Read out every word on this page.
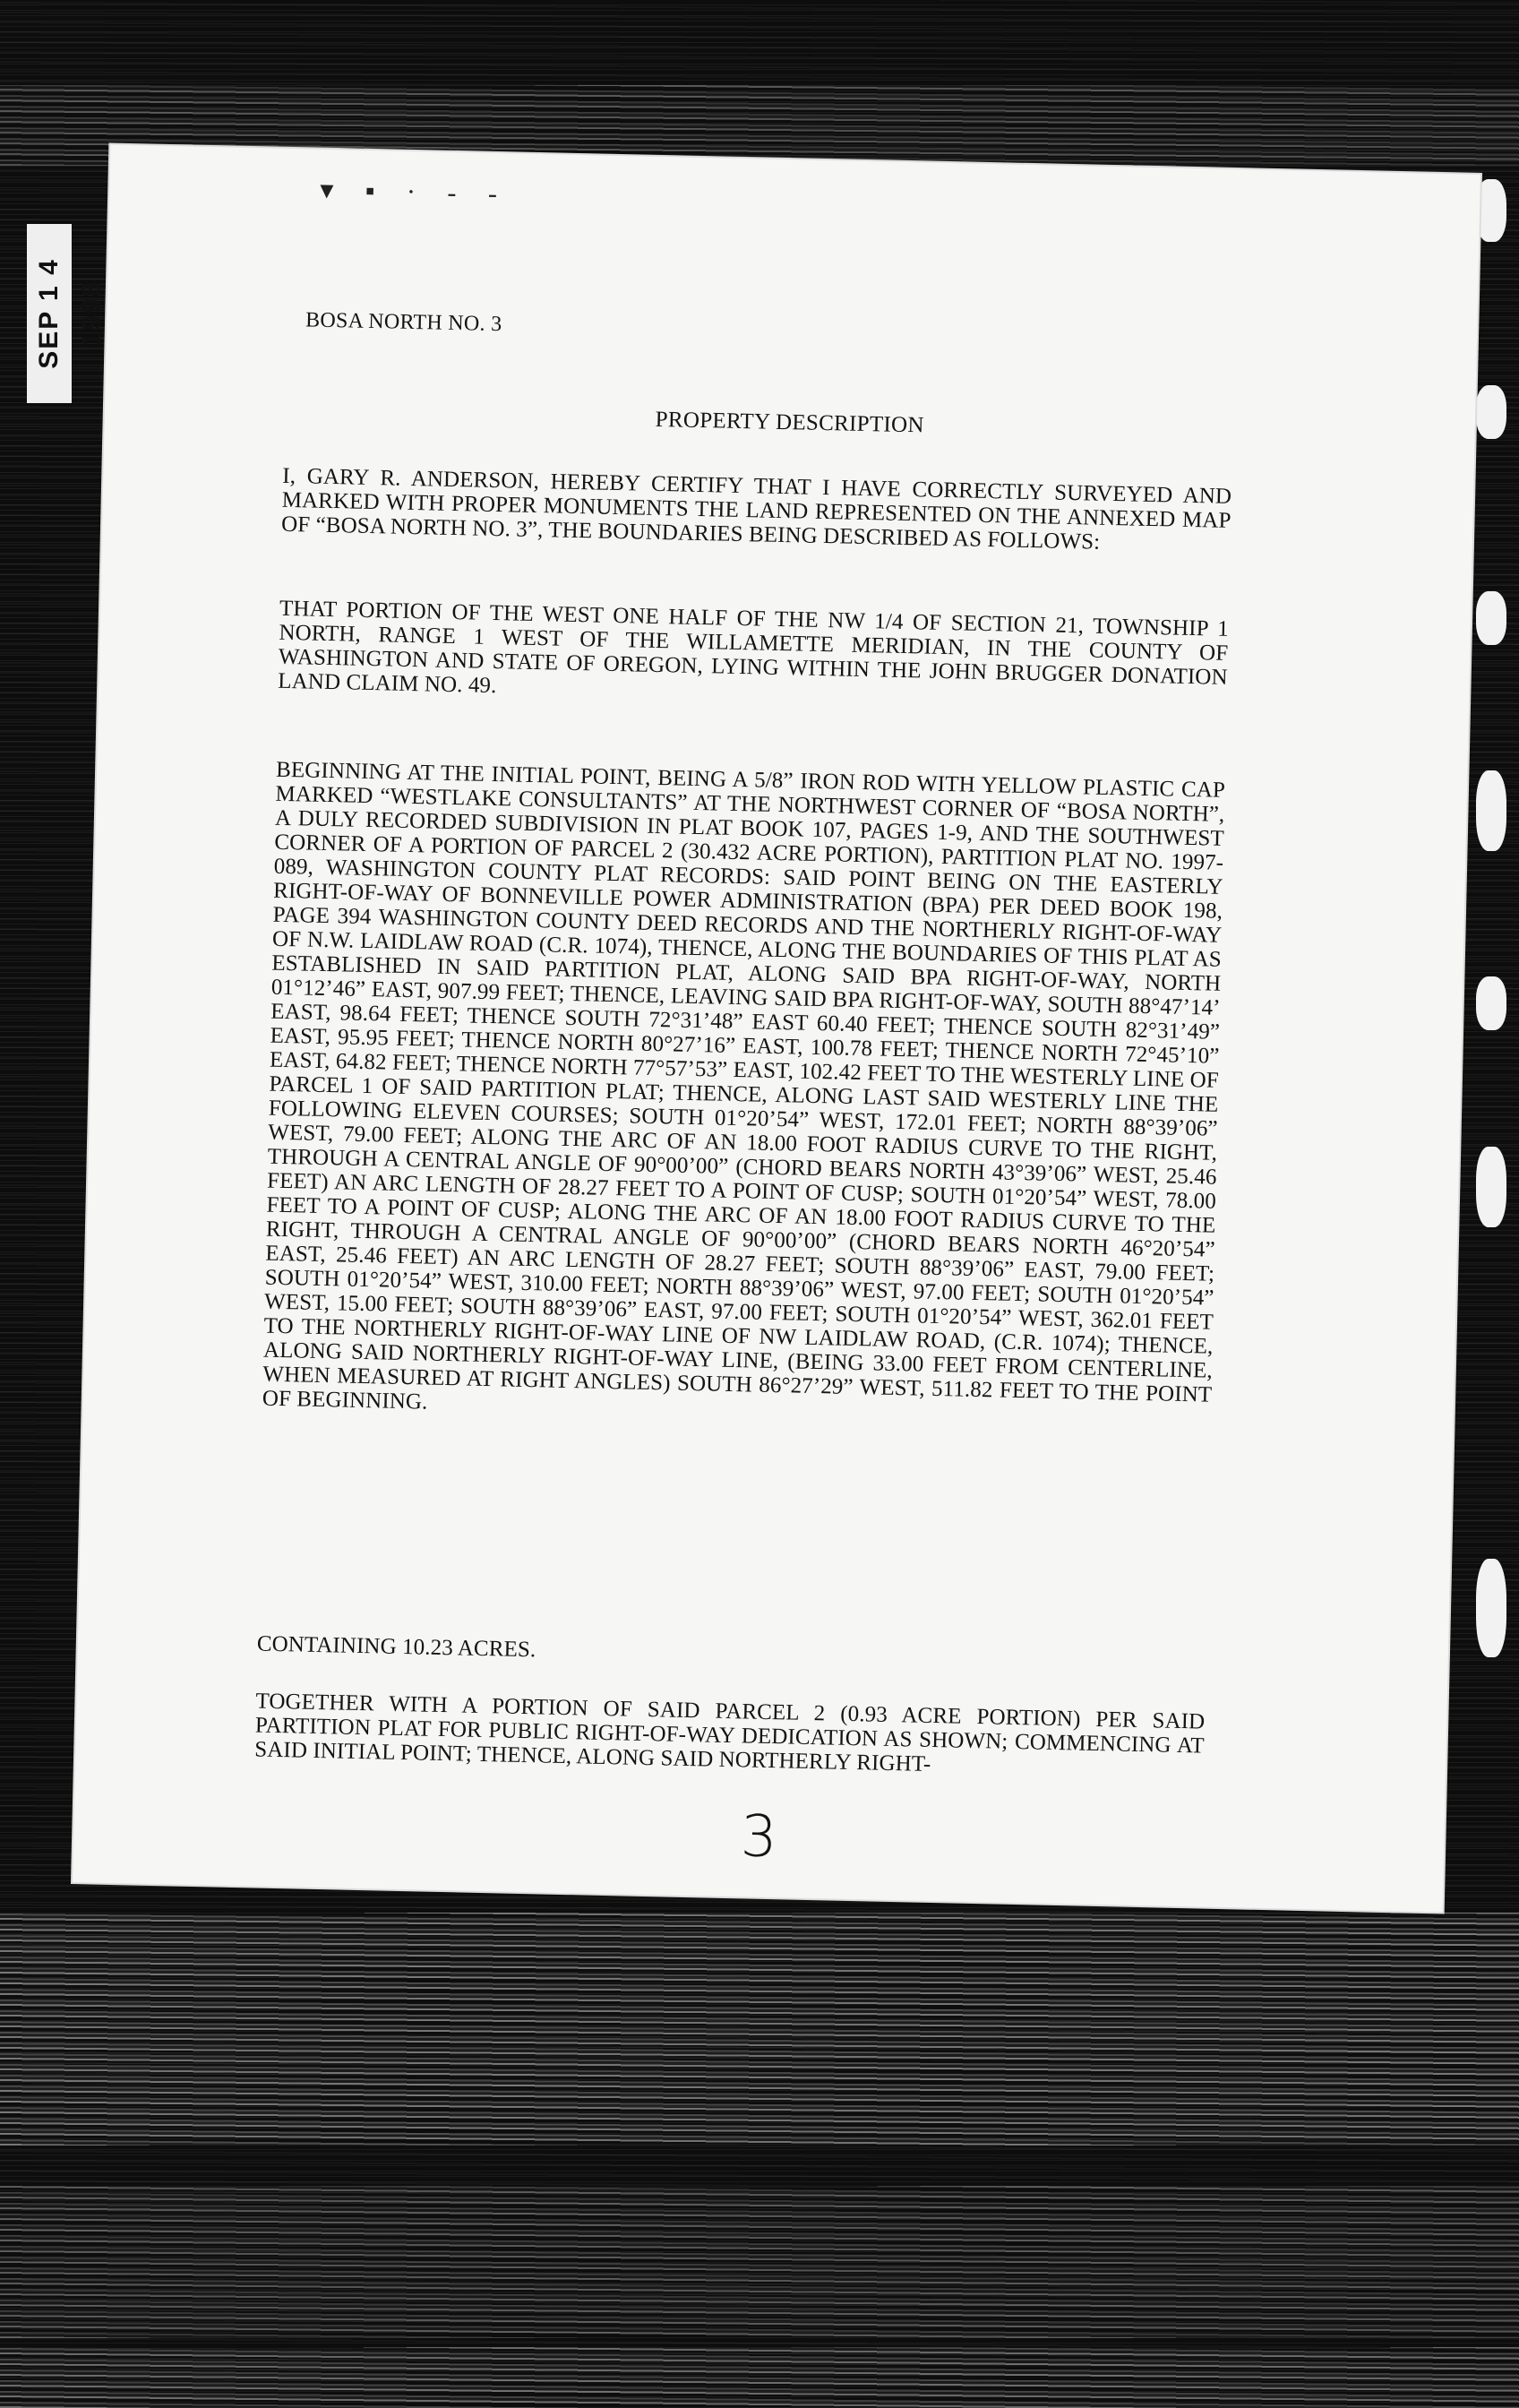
SEP 1 4 1998
▾ ▪ · ‑ ‑
BOSA NORTH NO. 3
PROPERTY DESCRIPTION

I, GARY R. ANDERSON, HEREBY CERTIFY THAT I HAVE CORRECTLY SURVEYED AND MARKED WITH PROPER MONUMENTS THE LAND REPRESENTED ON THE ANNEXED MAP OF “BOSA NORTH NO. 3”, THE BOUNDARIES BEING DESCRIBED AS FOLLOWS:

THAT PORTION OF THE WEST ONE HALF OF THE NW 1/4 OF SECTION 21, TOWNSHIP 1 NORTH, RANGE 1 WEST OF THE WILLAMETTE MERIDIAN, IN THE COUNTY OF WASHINGTON AND STATE OF OREGON, LYING WITHIN THE JOHN BRUGGER DONATION LAND CLAIM NO. 49.

BEGINNING AT THE INITIAL POINT, BEING A 5/8” IRON ROD WITH YELLOW PLASTIC CAP MARKED “WESTLAKE CONSULTANTS” AT THE NORTHWEST CORNER OF “BOSA NORTH”, A DULY RECORDED SUBDIVISION IN PLAT BOOK 107, PAGES 1-9, AND THE SOUTHWEST CORNER OF A PORTION OF PARCEL 2 (30.432 ACRE PORTION), PARTITION PLAT NO. 1997-089, WASHINGTON COUNTY PLAT RECORDS: SAID POINT BEING ON THE EASTERLY RIGHT-OF-WAY OF BONNEVILLE POWER ADMINISTRATION (BPA) PER DEED BOOK 198, PAGE 394 WASHINGTON COUNTY DEED RECORDS AND THE NORTHERLY RIGHT-OF-WAY OF N.W. LAIDLAW ROAD (C.R. 1074), THENCE, ALONG THE BOUNDARIES OF THIS PLAT AS ESTABLISHED IN SAID PARTITION PLAT, ALONG SAID BPA RIGHT-OF-WAY, NORTH 01°12’46” EAST, 907.99 FEET; THENCE, LEAVING SAID BPA RIGHT-OF-WAY, SOUTH 88°47’14’ EAST, 98.64 FEET; THENCE SOUTH 72°31’48” EAST 60.40 FEET; THENCE SOUTH 82°31’49” EAST, 95.95 FEET; THENCE NORTH 80°27’16” EAST, 100.78 FEET; THENCE NORTH 72°45’10” EAST, 64.82 FEET; THENCE NORTH 77°57’53” EAST, 102.42 FEET TO THE WESTERLY LINE OF PARCEL 1 OF SAID PARTITION PLAT; THENCE, ALONG LAST SAID WESTERLY LINE THE FOLLOWING ELEVEN COURSES; SOUTH 01°20’54” WEST, 172.01 FEET; NORTH 88°39’06” WEST, 79.00 FEET; ALONG THE ARC OF AN 18.00 FOOT RADIUS CURVE TO THE RIGHT, THROUGH A CENTRAL ANGLE OF 90°00’00” (CHORD BEARS NORTH 43°39’06” WEST, 25.46 FEET) AN ARC LENGTH OF 28.27 FEET TO A POINT OF CUSP; SOUTH 01°20’54” WEST, 78.00 FEET TO A POINT OF CUSP; ALONG THE ARC OF AN 18.00 FOOT RADIUS CURVE TO THE RIGHT, THROUGH A CENTRAL ANGLE OF 90°00’00” (CHORD BEARS NORTH 46°20’54” EAST, 25.46 FEET) AN ARC LENGTH OF 28.27 FEET; SOUTH 88°39’06” EAST, 79.00 FEET; SOUTH 01°20’54” WEST, 310.00 FEET; NORTH 88°39’06” WEST, 97.00 FEET; SOUTH 01°20’54” WEST, 15.00 FEET; SOUTH 88°39’06” EAST, 97.00 FEET; SOUTH 01°20’54” WEST, 362.01 FEET TO THE NORTHERLY RIGHT-OF-WAY LINE OF NW LAIDLAW ROAD, (C.R. 1074); THENCE, ALONG SAID NORTHERLY RIGHT-OF-WAY LINE, (BEING 33.00 FEET FROM CENTERLINE, WHEN MEASURED AT RIGHT ANGLES) SOUTH 86°27’29” WEST, 511.82 FEET TO THE POINT OF BEGINNING.

CONTAINING 10.23 ACRES.

TOGETHER WITH A PORTION OF SAID PARCEL 2 (0.93 ACRE PORTION) PER SAID PARTITION PLAT FOR PUBLIC RIGHT-OF-WAY DEDICATION AS SHOWN; COMMENCING AT SAID INITIAL POINT; THENCE, ALONG SAID NORTHERLY RIGHT-

3
